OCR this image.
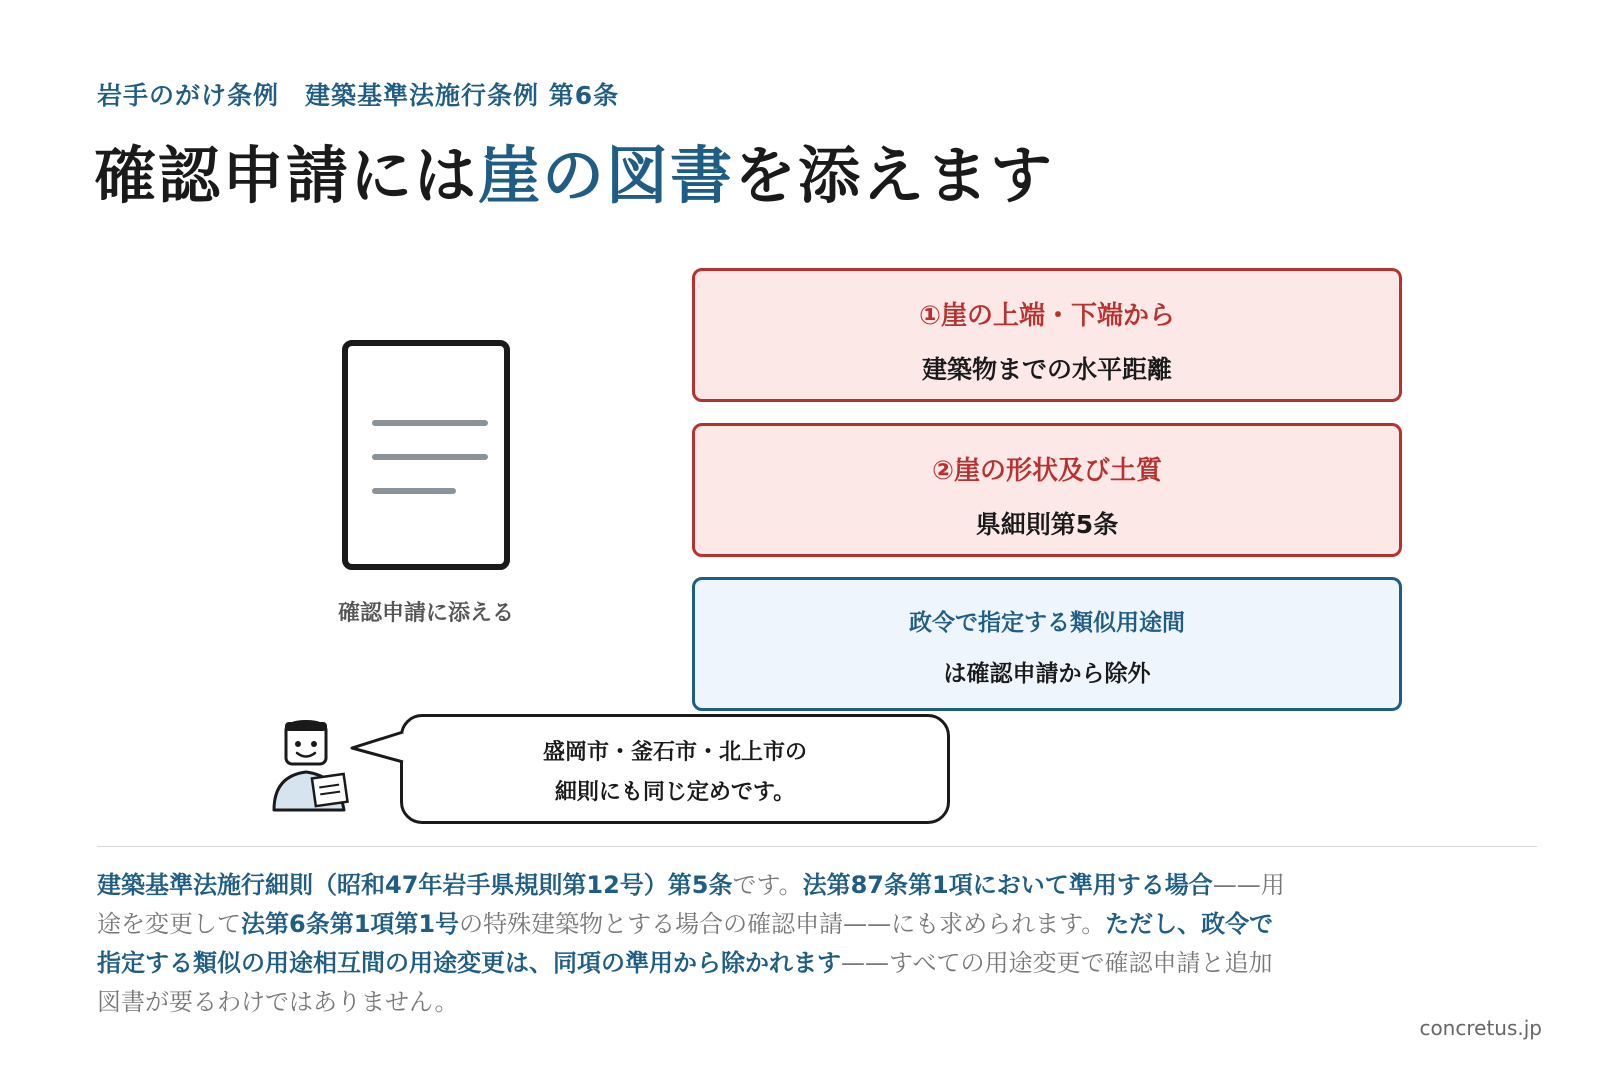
岩手のがけ条例　建築基準法施行条例 第6条
確認申請には崖の図書を添えます
確認申請に添える
①崖の上端・下端から
建築物までの水平距離
②崖の形状及び土質
県細則第5条
政令で指定する類似用途間
は確認申請から除外
盛岡市・釜石市・北上市の
細則にも同じ定めです。
建築基準法施行細則（昭和47年岩手県規則第12号）第5条です。法第87条第1項において準用する場合——用途を変更して法第6条第1項第1号の特殊建築物とする場合の確認申請——にも求められます。ただし、政令で指定する類似の用途相互間の用途変更は、同項の準用から除かれます——すべての用途変更で確認申請と追加図書が要るわけではありません。
concretus.jp
